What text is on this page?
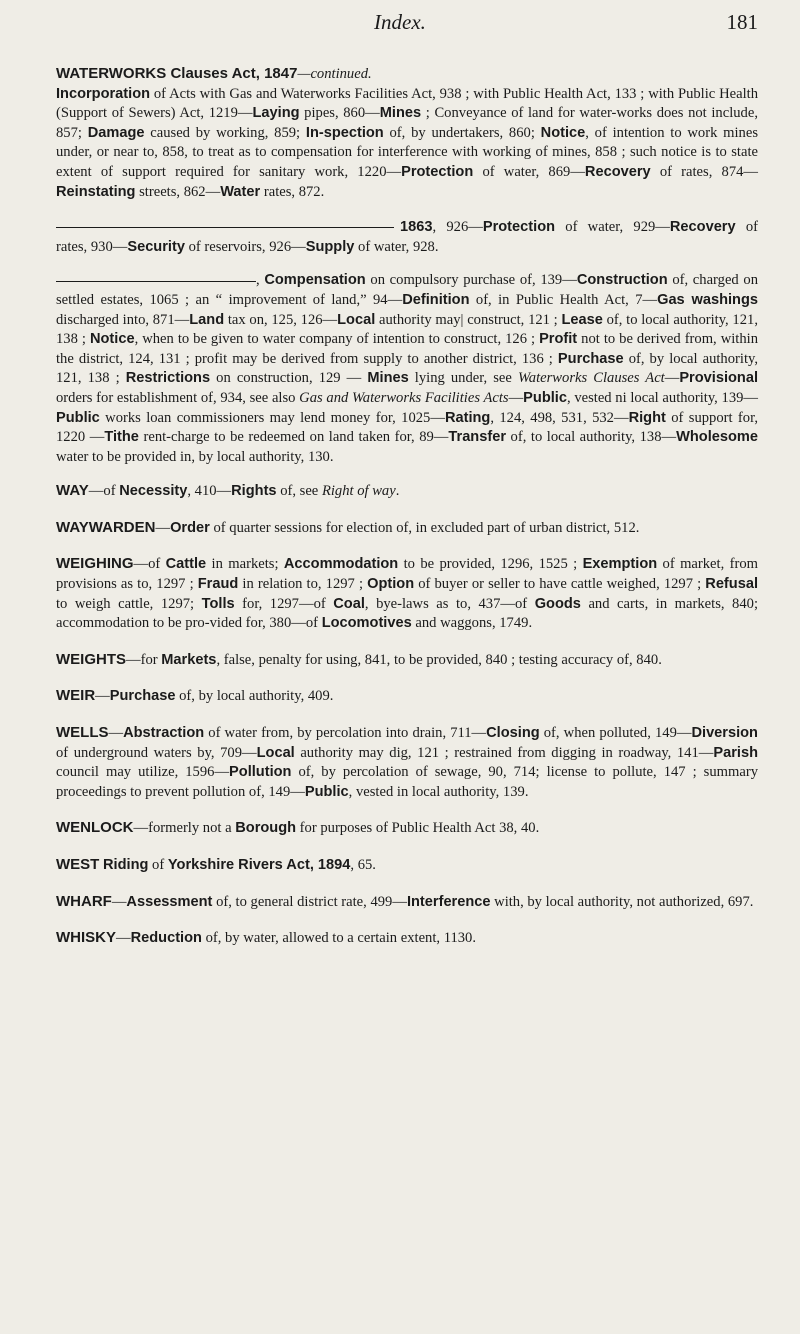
Index.	181

WATERWORKS Clauses Act, 1847—continued.
Incorporation of Acts with Gas and Waterworks Facilities Act, 938 ; with Public Health Act, 133 ; with Public Health (Support of Sewers) Act, 1219—Laying pipes, 860—Mines ; Conveyance of land for water-works does not include, 857; Damage caused by working, 859; In-spection of, by undertakers, 860; Notice, of intention to work mines under, or near to, 858, to treat as to compensation for interference with working of mines, 858 ; such notice is to state extent of support required for sanitary work, 1220—Protection of water, 869—Recovery of rates, 874—Reinstating streets, 862—Water rates, 872.

1863, 926—Protection of water, 929—Recovery of rates, 930—Security of reservoirs, 926—Supply of water, 928.

, Compensation on compulsory purchase of, 139—Construction of, charged on settled estates, 1065 ; an “ improvement of land,” 94—Definition of, in Public Health Act, 7—Gas washings discharged into, 871—Land tax on, 125, 126—Local authority may| construct, 121 ; Lease of, to local authority, 121, 138 ; Notice, when to be given to water company of intention to construct, 126 ; Profit not to be derived from, within the district, 124, 131 ; profit may be derived from supply to another district, 136 ; Purchase of, by local authority, 121, 138 ; Restrictions on construction, 129 — Mines lying under, see Waterworks Clauses Act—Provisional orders for establishment of, 934, see also Gas and Waterworks Facilities Acts—Public, vested ni local authority, 139—Public works loan commissioners may lend money for, 1025—Rating, 124, 498, 531, 532—Right of support for, 1220 —Tithe rent-charge to be redeemed on land taken for, 89—Transfer of, to local authority, 138—Wholesome water to be provided in, by local authority, 130.

WAY—of Necessity, 410—Rights of, see Right of way.

WAYWARDEN—Order of quarter sessions for election of, in excluded part of urban district, 512.

WEIGHING—of Cattle in markets; Accommodation to be provided, 1296, 1525 ; Exemption of market, from provisions as to, 1297 ; Fraud in relation to, 1297 ; Option of buyer or seller to have cattle weighed, 1297 ; Refusal to weigh cattle, 1297; Tolls for, 1297—of Coal, bye-laws as to, 437—of Goods and carts, in markets, 840; accommodation to be pro-vided for, 380—of Locomotives and waggons, 1749.

WEIGHTS—for Markets, false, penalty for using, 841, to be provided, 840 ; testing accuracy of, 840.

WEIR—Purchase of, by local authority, 409.

WELLS—Abstraction of water from, by percolation into drain, 711—Closing of, when polluted, 149—Diversion of underground waters by, 709—Local authority may dig, 121 ; restrained from digging in roadway, 141—Parish council may utilize, 1596—Pollution of, by percolation of sewage, 90, 714; license to pollute, 147 ; summary proceedings to prevent pollution of, 149—Public, vested in local authority, 139.

WENLOCK—formerly not a Borough for purposes of Public Health Act 38, 40.

WEST Riding of Yorkshire Rivers Act, 1894, 65.

WHARF—Assessment of, to general district rate, 499—Interference with, by local authority, not authorized, 697.

WHISKY—Reduction of, by water, allowed to a certain extent, 1130.
